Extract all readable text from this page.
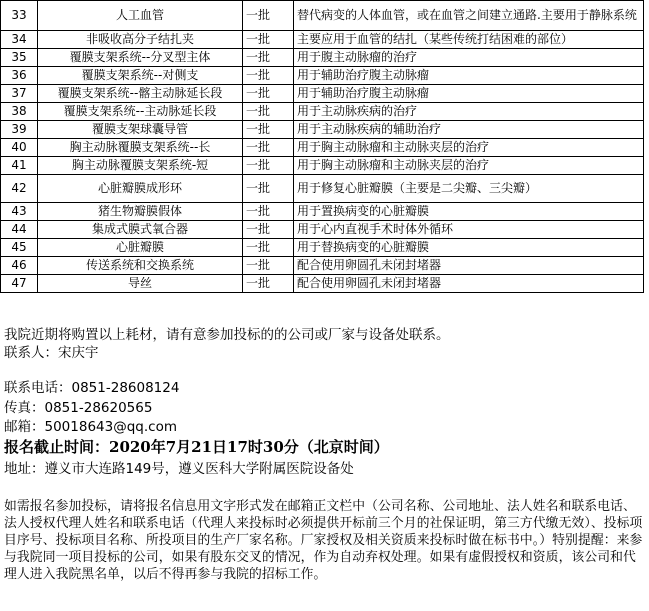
33	人工血管	一批	替代病变的人体血管，或在血管之间建立通路.主要用于静脉系统
34	非吸收高分子结扎夹	一批	主要应用于血管的结扎（某些传统打结困难的部位）
35	覆膜支架系统--分叉型主体	一批	用于腹主动脉瘤的治疗
36	覆膜支架系统--对侧支	一批	用于辅助治疗腹主动脉瘤
37	覆膜支架系统--髂主动脉延长段	一批	用于辅助治疗腹主动脉瘤
38	覆膜支架系统--主动脉延长段	一批	用于主动脉疾病的治疗
39	覆膜支架球囊导管	一批	用于主动脉疾病的辅助治疗
40	胸主动脉覆膜支架系统--长	一批	用于胸主动脉瘤和主动脉夹层的治疗
41	胸主动脉覆膜支架系统-短	一批	用于胸主动脉瘤和主动脉夹层的治疗
42	心脏瓣膜成形环	一批	用于修复心脏瓣膜（主要是二尖瓣、三尖瓣）
43	猪生物瓣膜假体	一批	用于置换病变的心脏瓣膜
44	集成式膜式氧合器	一批	用于心内直视手术时体外循环
45	心脏瓣膜	一批	用于替换病变的心脏瓣膜
46	传送系统和交换系统	一批	配合使用卵圆孔未闭封堵器
47	导丝	一批	配合使用卵圆孔未闭封堵器
我院近期将购置以上耗材，请有意参加投标的的公司或厂家与设备处联系。
联系人：宋庆宇
联系电话：0851-28608124
传真：0851-28620565
邮箱：50018643@qq.com
报名截止时间：2020年7月21日17时30分（北京时间）
地址：遵义市大连路149号，遵义医科大学附属医院设备处
如需报名参加投标，请将报名信息用文字形式发在邮箱正文栏中（公司名称、公司地址、法人姓名和联系电话、法人授权代理人姓名和联系电话（代理人来投标时必须提供开标前三个月的社保证明，第三方代缴无效）、投标项目序号、投标项目名称、所投项目的生产厂家名称。厂家授权及相关资质来投标时做在标书中。）特别提醒：来参与我院同一项目投标的公司，如果有股东交叉的情况，作为自动弃权处理。如果有虚假授权和资质，该公司和代理人进入我院黑名单，以后不得再参与我院的招标工作。
